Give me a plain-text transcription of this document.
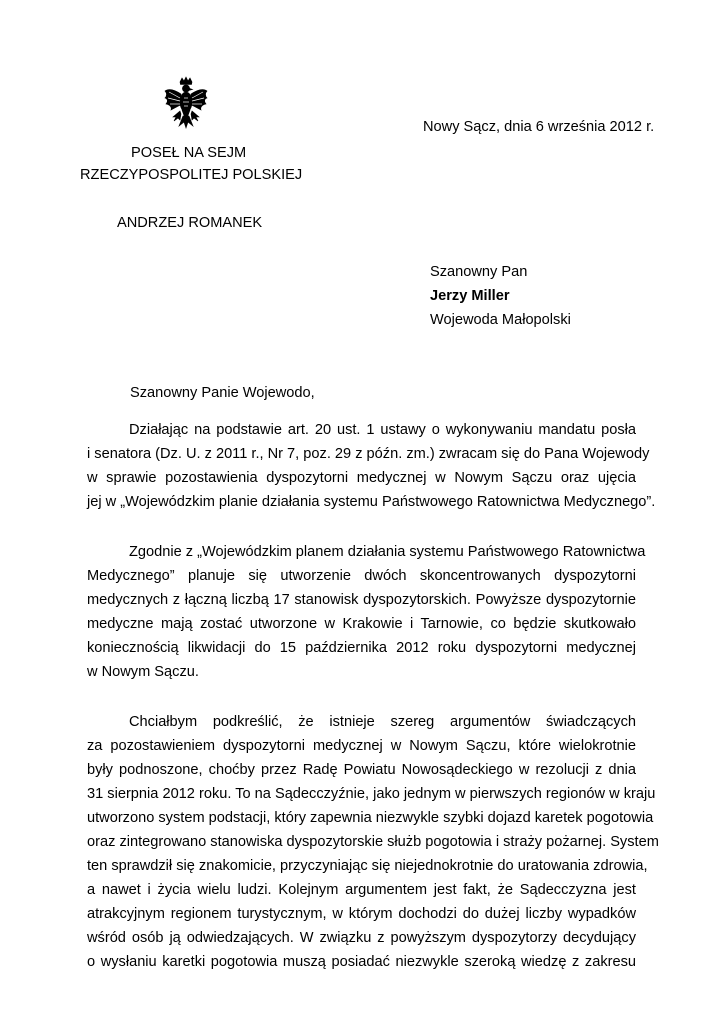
Nowy Sącz, dnia 6 września 2012 r.
POSEŁ NA SEJM
RZECZYPOSPOLITEJ POLSKIEJ
ANDRZEJ ROMANEK
Szanowny Pan
Jerzy Miller
Wojewoda Małopolski
Szanowny Panie Wojewodo,
Działając na podstawie art. 20 ust. 1 ustawy o wykonywaniu mandatu posła
i senatora (Dz. U. z 2011 r., Nr 7, poz. 29 z późn. zm.) zwracam się do Pana Wojewody
w sprawie pozostawienia dyspozytorni medycznej w Nowym Sączu oraz ujęcia
jej w „Wojewódzkim planie działania systemu Państwowego Ratownictwa Medycznego”.
Zgodnie z „Wojewódzkim planem działania systemu Państwowego Ratownictwa
Medycznego” planuje się utworzenie dwóch skoncentrowanych dyspozytorni
medycznych z łączną liczbą 17 stanowisk dyspozytorskich. Powyższe dyspozytornie
medyczne mają zostać utworzone w Krakowie i Tarnowie, co będzie skutkowało
koniecznością likwidacji do 15 października 2012 roku dyspozytorni medycznej
w Nowym Sączu.
Chciałbym podkreślić, że istnieje szereg argumentów świadczących
za pozostawieniem dyspozytorni medycznej w Nowym Sączu, które wielokrotnie
były podnoszone, choćby przez Radę Powiatu Nowosądeckiego w rezolucji z dnia
31 sierpnia 2012 roku. To na Sądecczyźnie, jako jednym w pierwszych regionów w kraju
utworzono system podstacji, który zapewnia niezwykle szybki dojazd karetek pogotowia
oraz zintegrowano stanowiska dyspozytorskie służb pogotowia i straży pożarnej. System
ten sprawdził się znakomicie, przyczyniając się niejednokrotnie do uratowania zdrowia,
a nawet i życia wielu ludzi. Kolejnym argumentem jest fakt, że Sądecczyzna jest
atrakcyjnym regionem turystycznym, w którym dochodzi do dużej liczby wypadków
wśród osób ją odwiedzających. W związku z powyższym dyspozytorzy decydujący
o wysłaniu karetki pogotowia muszą posiadać niezwykle szeroką wiedzę z zakresu
